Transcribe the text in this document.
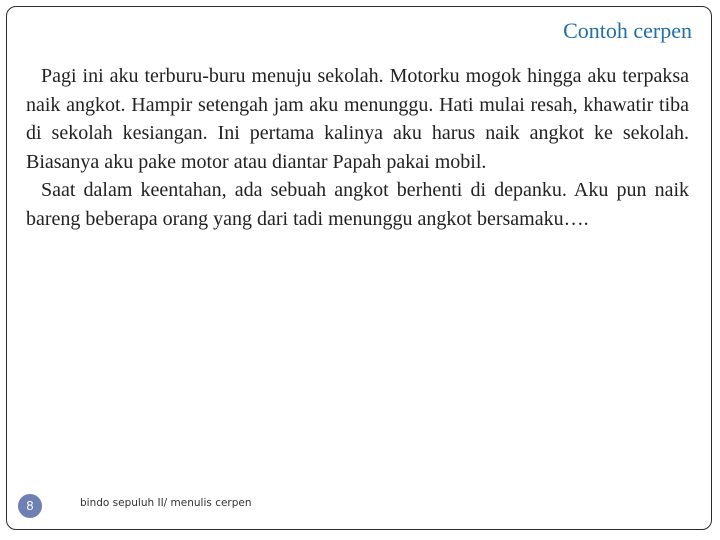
Contoh cerpen

Pagi ini aku terburu-buru menuju sekolah. Motorku mogok hingga aku terpaksa naik angkot. Hampir setengah jam aku menunggu. Hati mulai resah, khawatir tiba di sekolah kesiangan. Ini pertama kalinya aku harus naik angkot ke sekolah. Biasanya aku pake motor atau diantar Papah pakai mobil.

Saat dalam keentahan, ada sebuah angkot berhenti di depanku. Aku pun naik bareng beberapa orang yang dari tadi menunggu angkot bersamaku….

8	bindo sepuluh II/ menulis cerpen
